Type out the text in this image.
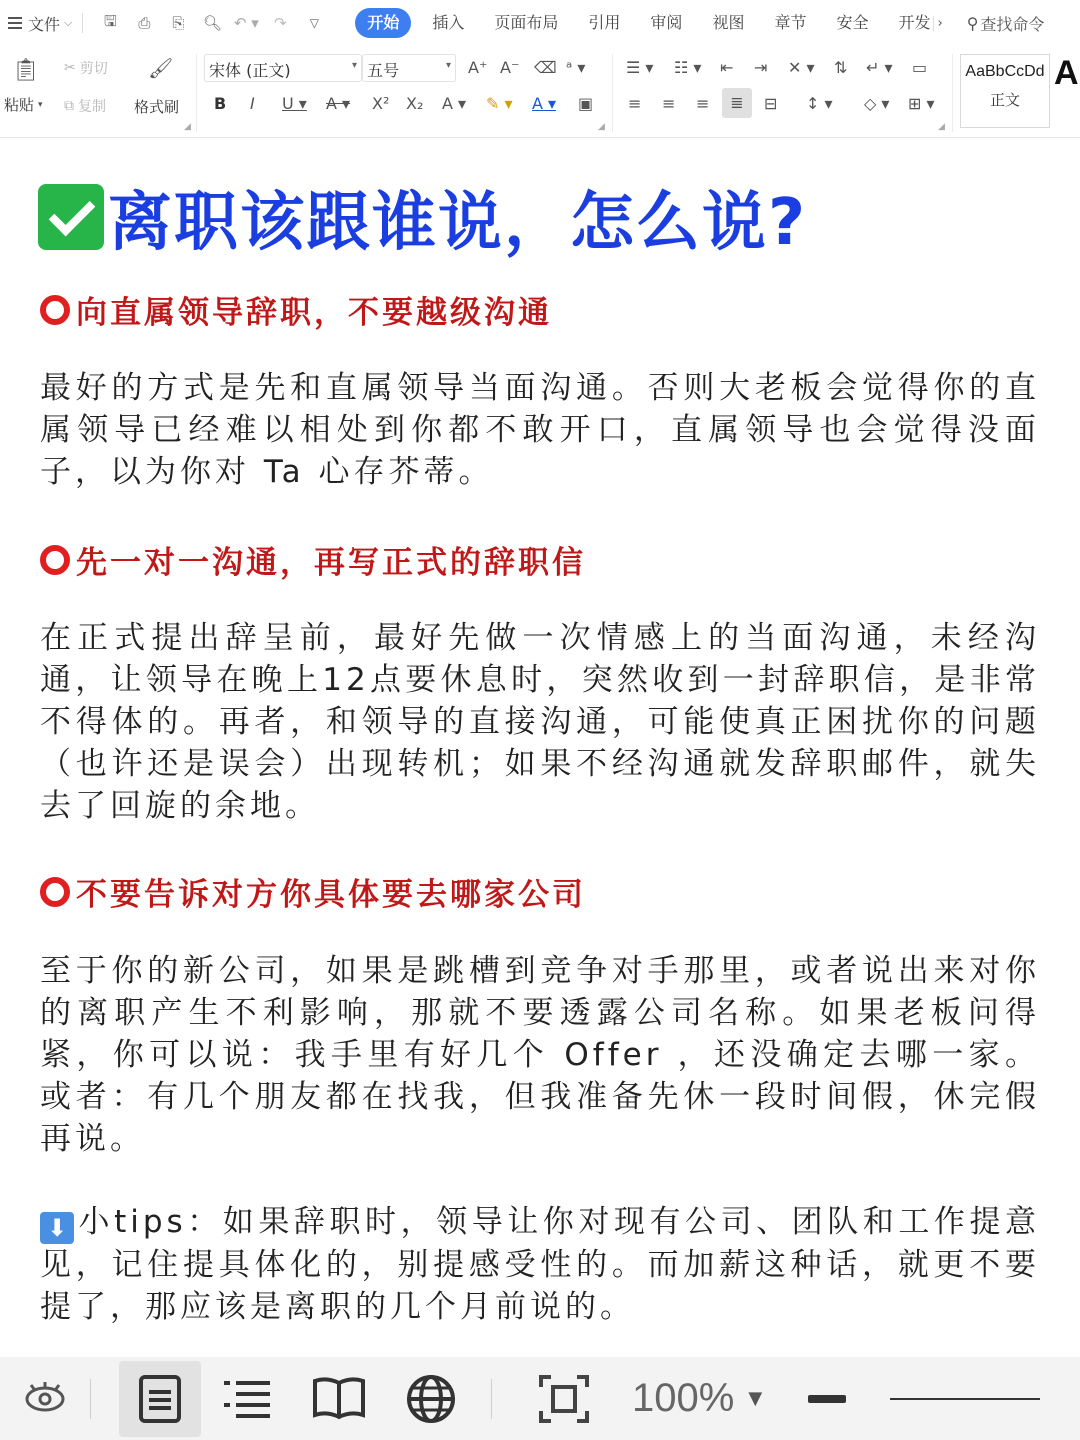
文件 ⌵	🖫	⎙	⎘	🔍︎ ↶ ▾	↷	▽	开始	插入	页面布局	引用	审阅	视图	章节	安全	开发 › ⚲ 查找命令
📋︎
粘贴 ▾
✂ 剪切
⧉ 复制
🖌︎
格式刷
◢
宋体 (正文)	▾ 五号	▾ A⁺ A⁻ ⌫ ᵃ ▾
B I U ▾ A ▾ X² X₂ A ▾ ✎ ▾ A ▾ ▣
◢
☰ ▾ ☷ ▾ ⇤ ⇥ ✕ ▾ ⇅ ↵ ▾ ▭
≡ ≡ ≡	≣	⊟ ↕ ▾ ◇ ▾ ⊞ ▾
◢
AaBbCcDd
正文
A
离职该跟谁说，怎么说?
向直属领导辞职，不要越级沟通
最好的方式是先和直属领导当面沟通。否则大老板会觉得你的直属领导已经难以相处到你都不敢开口，直属领导也会觉得没面子，以为你对 Ta 心存芥蒂。
先一对一沟通，再写正式的辞职信
在正式提出辞呈前，最好先做一次情感上的当面沟通，未经沟通，让领导在晚上12点要休息时，突然收到一封辞职信，是非常不得体的。再者，和领导的直接沟通，可能使真正困扰你的问题（也许还是误会）出现转机；如果不经沟通就发辞职邮件，就失去了回旋的余地。
不要告诉对方你具体要去哪家公司
至于你的新公司，如果是跳槽到竞争对手那里，或者说出来对你的离职产生不利影响，那就不要透露公司名称。如果老板问得紧，你可以说：我手里有好几个 Offer ，还没确定去哪一家。或者：有几个朋友都在找我，但我准备先休一段时间假，休完假再说。
⬇ 小tips：如果辞职时，领导让你对现有公司、团队和工作提意见，记住提具体化的，别提感受性的。而加薪这种话，就更不要提了，那应该是离职的几个月前说的。
100% ▼
